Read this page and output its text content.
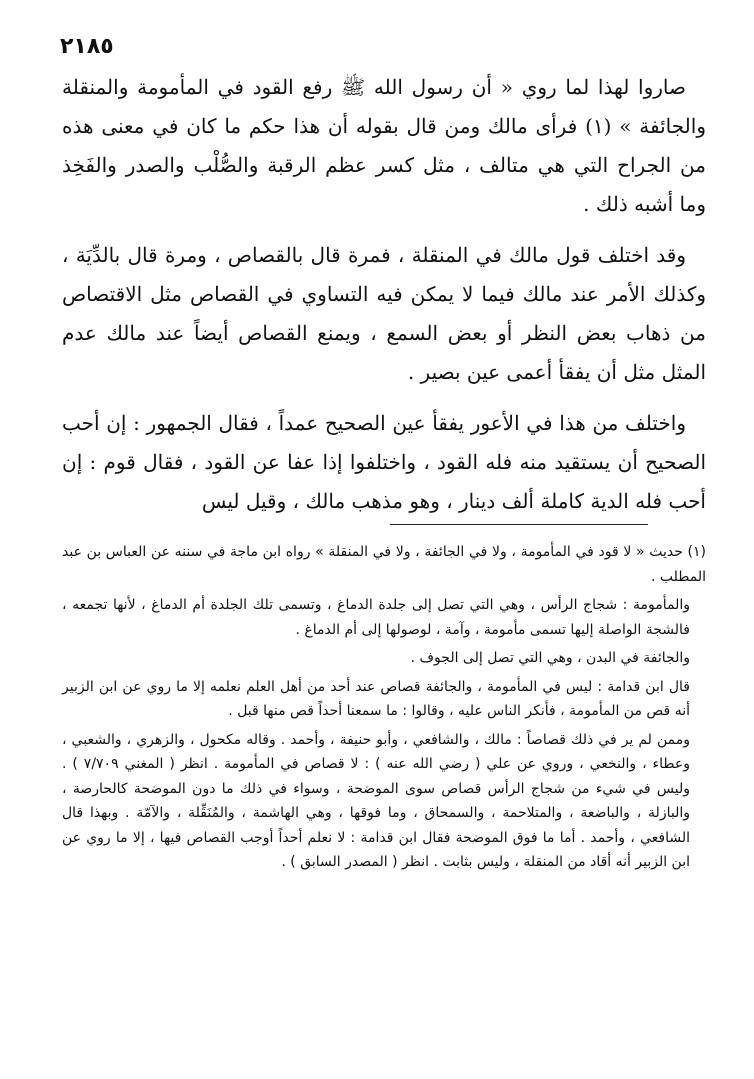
٢١٨٥

صاروا لهذا لما روي « أن رسول الله ﷺ رفع القود في المأمومة والمنقلة والجائفة » (١) فرأى مالك ومن قال بقوله أن هذا حكم ما كان في معنى هذه من الجراح التي هي متالف ، مثل كسر عظم الرقبة والصُّلْب والصدر والفَخِذ وما أشبه ذلك .

وقد اختلف قول مالك في المنقلة ، فمرة قال بالقصاص ، ومرة قال بالدِّيَة ، وكذلك الأمر عند مالك فيما لا يمكن فيه التساوي في القصاص مثل الاقتصاص من ذهاب بعض النظر أو بعض السمع ، ويمنع القصاص أيضاً عند مالك عدم المثل مثل أن يفقأ أعمى عين بصير .

واختلف من هذا في الأعور يفقأ عين الصحيح عمداً ، فقال الجمهور : إن أحب الصحيح أن يستقيد منه فله القود ، واختلفوا إذا عفا عن القود ، فقال قوم : إن أحب فله الدية كاملة ألف دينار ، وهو مذهب مالك ، وقيل ليس

(١) حديث « لا قود في المأمومة ، ولا في الجائفة ، ولا في المنقلة » رواه ابن ماجة في سننه عن العباس بن عبد المطلب .

والمأمومة : شجاج الرأس ، وهي التي تصل إلى جلدة الدماغ ، وتسمى تلك الجلدة أم الدماغ ، لأنها تجمعه ، فالشجة الواصلة إليها تسمى مأمومة ، وآمة ، لوصولها إلى أم الدماغ .

والجائفة في البدن ، وهي التي تصل إلى الجوف .

قال ابن قدامة : ليس في المأمومة ، والجائفة قصاص عند أحد من أهل العلم نعلمه إلا ما روي عن ابن الزبير أنه قص من المأمومة ، فأنكر الناس عليه ، وقالوا : ما سمعنا أحداً قص منها قبل .

وممن لم ير في ذلك قصاصاً : مالك ، والشافعي ، وأبو حنيفة ، وأحمد . وقاله مكحول ، والزهري ، والشعبي ، وعطاء ، والنخعي ، وروي عن علي ( رضي الله عنه ) : لا قصاص في المأمومة . انظر ( المغني ٧/٧٠٩ ) . وليس في شيء من شجاج الرأس قصاص سوى الموضحة ، وسواء في ذلك ما دون الموضحة كالحارصة ، والبازلة ، والباضعة ، والمتلاحمة ، والسمحاق ، وما فوقها ، وهي الهاشمة ، والمُنَقِّلة ، والآمّة . وبهذا قال الشافعي ، وأحمد . أما ما فوق الموضحة فقال ابن قدامة : لا نعلم أحداً أوجب القصاص فيها ، إلا ما روي عن ابن الزبير أنه أقاد من المنقلة ، وليس بثابت . انظر ( المصدر السابق ) .
